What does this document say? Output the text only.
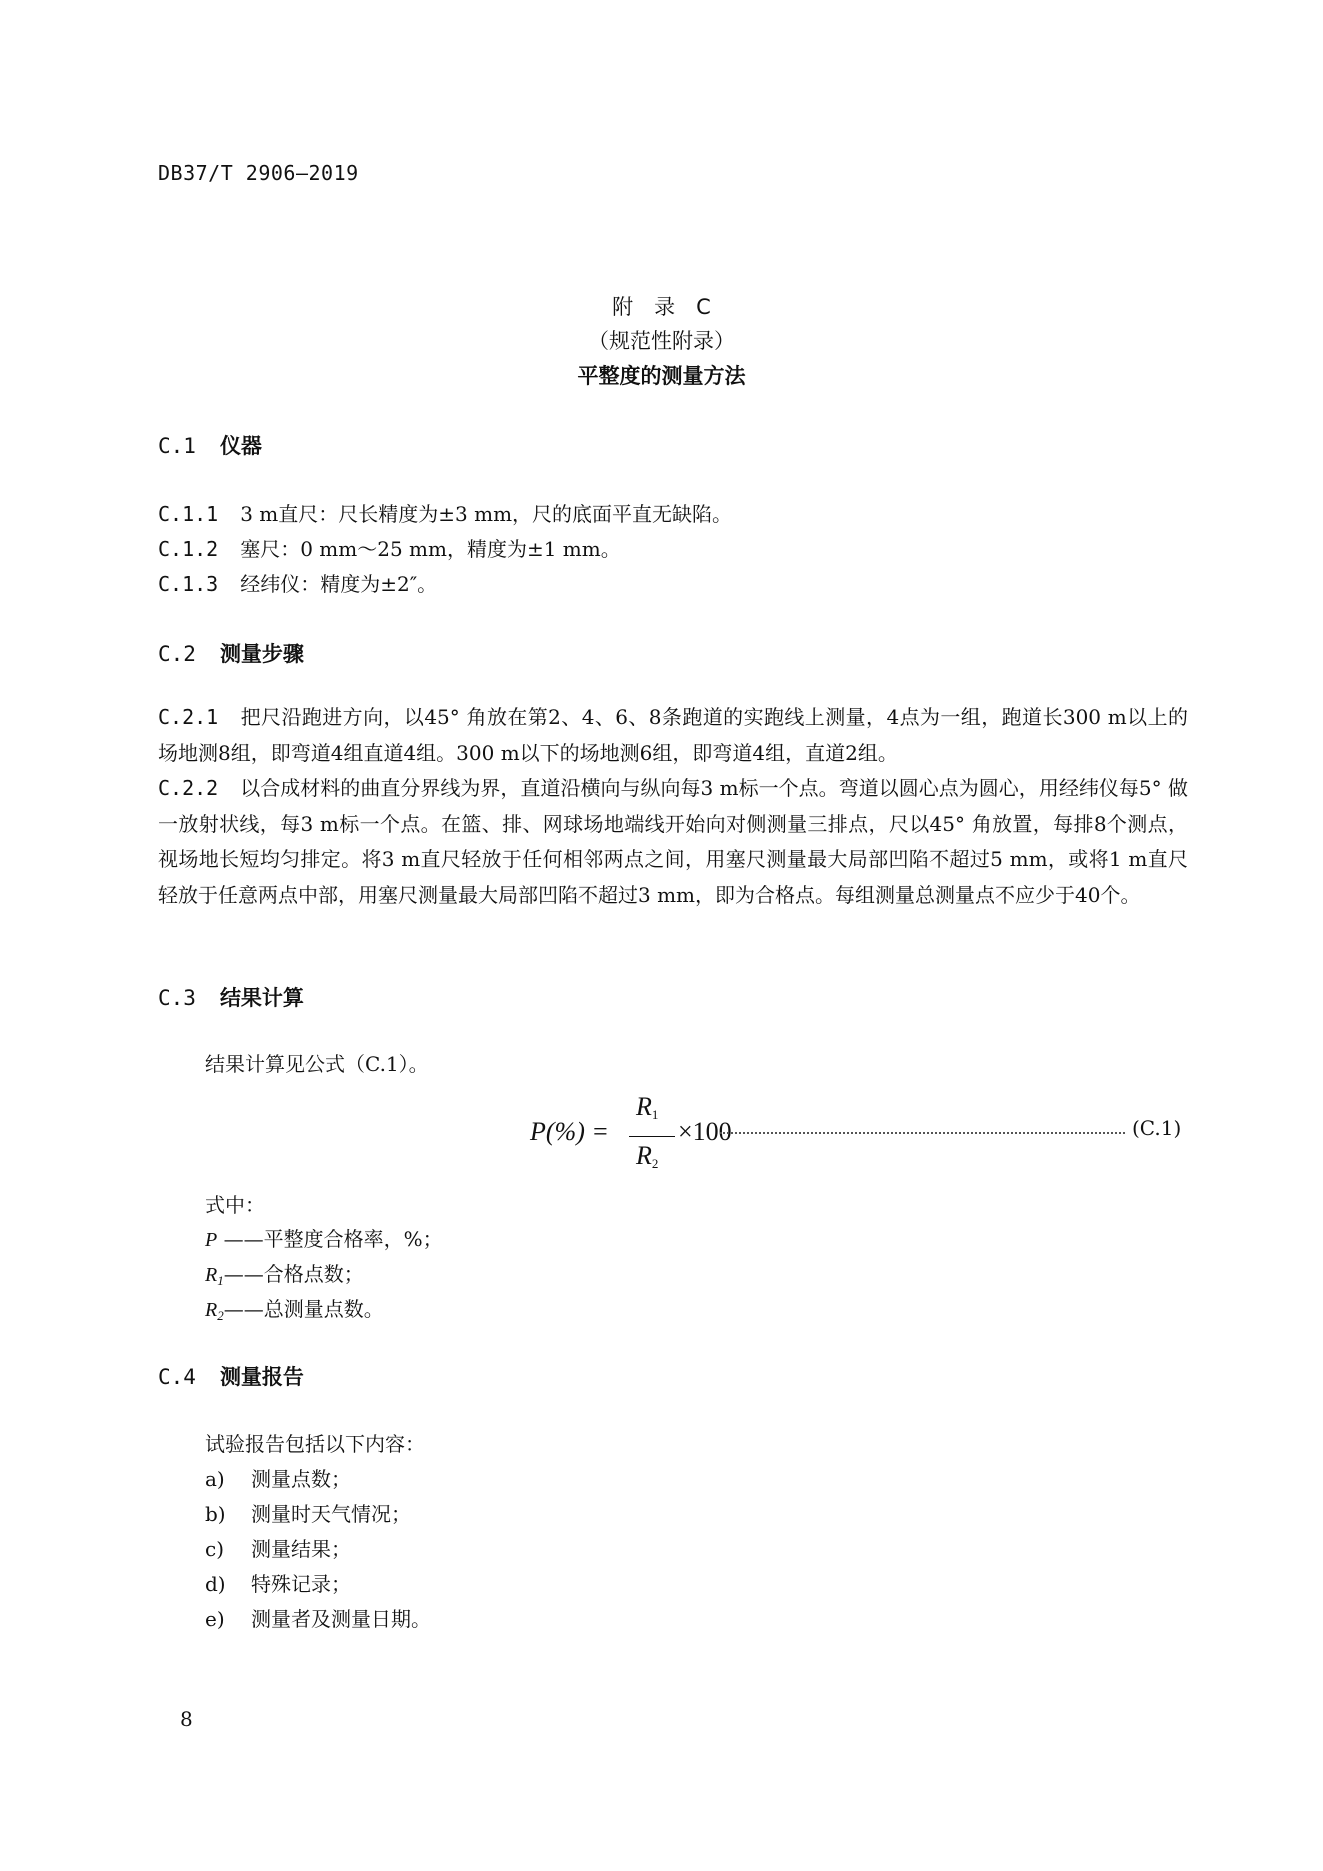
DB37/T 2906—2019
附　录　C
（规范性附录）
平整度的测量方法
C.1 仪器
C.1.1 3 m直尺：尺长精度为±3 mm，尺的底面平直无缺陷。
C.1.2 塞尺：0 mm～25 mm，精度为±1 mm。
C.1.3 经纬仪：精度为±2″。
C.2 测量步骤
C.2.1 把尺沿跑进方向，以45° 角放在第2、4、6、8条跑道的实跑线上测量，4点为一组，跑道长300 m以上的场地测8组，即弯道4组直道4组。300 m以下的场地测6组，即弯道4组，直道2组。
C.2.2 以合成材料的曲直分界线为界，直道沿横向与纵向每3 m标一个点。弯道以圆心点为圆心，用经纬仪每5° 做一放射状线，每3 m标一个点。在篮、排、网球场地端线开始向对侧测量三排点，尺以45° 角放置，每排8个测点，视场地长短均匀排定。将3 m直尺轻放于任何相邻两点之间，用塞尺测量最大局部凹陷不超过5 mm，或将1 m直尺轻放于任意两点中部，用塞尺测量最大局部凹陷不超过3 mm，即为合格点。每组测量总测量点不应少于40个。
C.3 结果计算
结果计算见公式（C.1）。
P(%) =
$R_1$
$R_2$
×100	(C.1)
式中：
P ——平整度合格率，%；
$R_1——$合格点数；
$R_2——$总测量点数。
C.4 测量报告
试验报告包括以下内容：
a) 测量点数；
b) 测量时天气情况；
c) 测量结果；
d) 特殊记录；
e) 测量者及测量日期。
8
